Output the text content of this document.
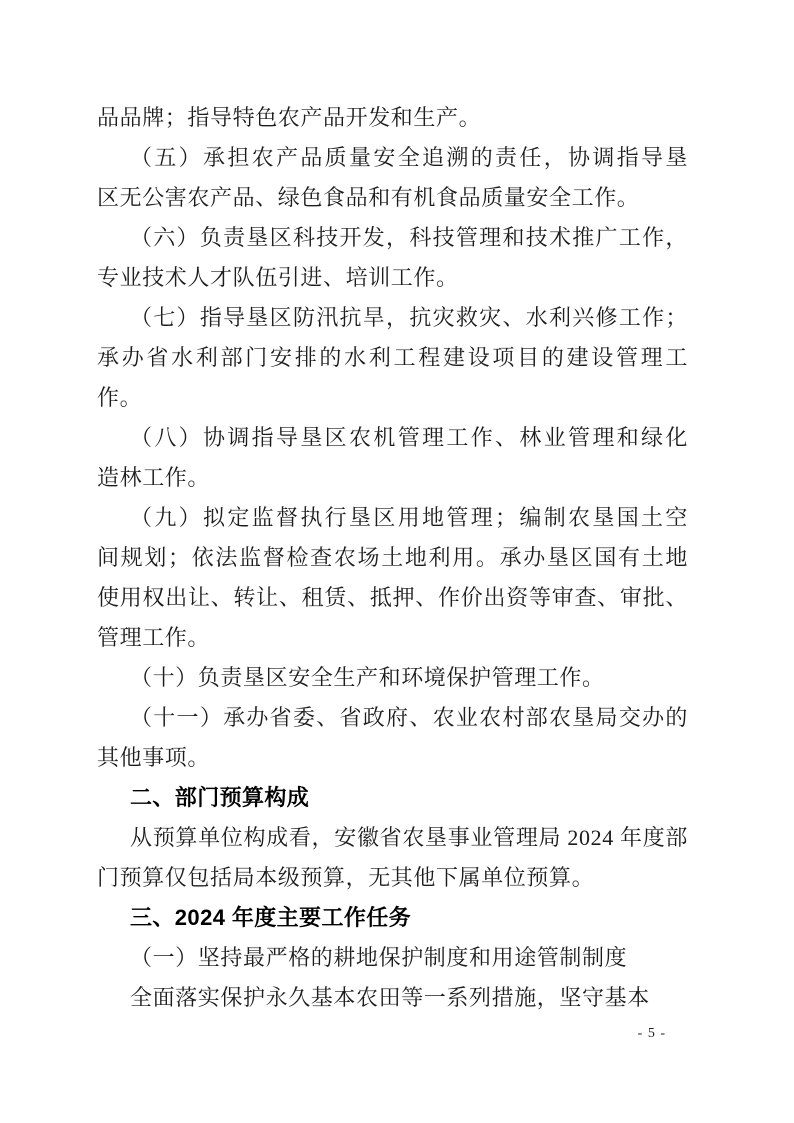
品品牌；指导特色农产品开发和生产。
（五）承担农产品质量安全追溯的责任，协调指导垦
区无公害农产品、绿色食品和有机食品质量安全工作。
（六）负责垦区科技开发，科技管理和技术推广工作，
专业技术人才队伍引进、培训工作。
（七）指导垦区防汛抗旱，抗灾救灾、水利兴修工作；
承办省水利部门安排的水利工程建设项目的建设管理工
作。
（八）协调指导垦区农机管理工作、林业管理和绿化
造林工作。
（九）拟定监督执行垦区用地管理；编制农垦国土空
间规划；依法监督检查农场土地利用。承办垦区国有土地
使用权出让、转让、租赁、抵押、作价出资等审查、审批、
管理工作。
（十）负责垦区安全生产和环境保护管理工作。
（十一）承办省委、省政府、农业农村部农垦局交办的
其他事项。
二、部门预算构成
从预算单位构成看，安徽省农垦事业管理局 2024 年度部
门预算仅包括局本级预算，无其他下属单位预算。
三、2024 年度主要工作任务
（一）坚持最严格的耕地保护制度和用途管制制度
全面落实保护永久基本农田等一系列措施，坚守基本
- 5 -
